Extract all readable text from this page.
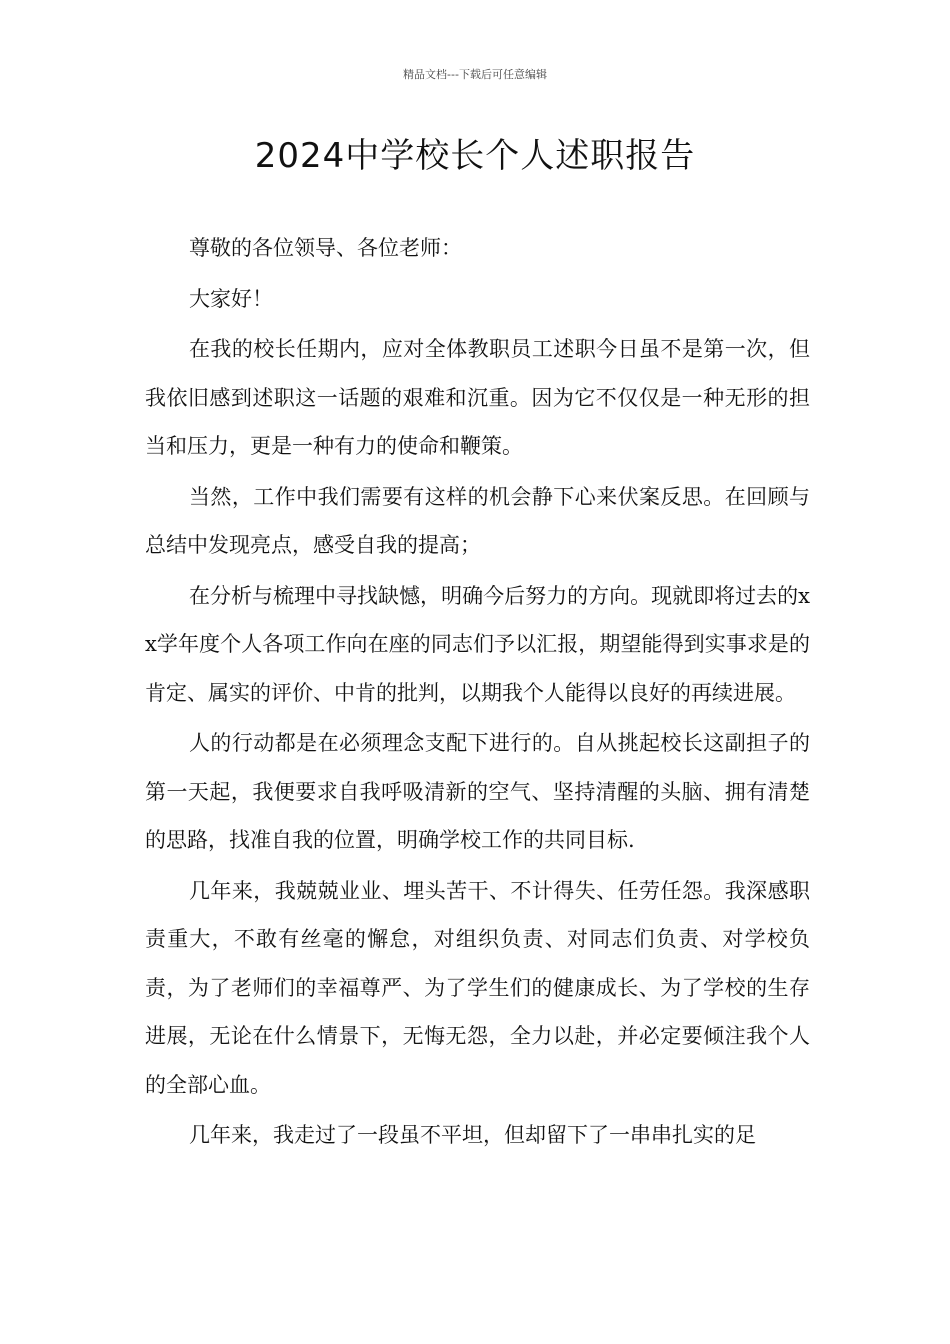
精品文档---下载后可任意编辑
2024中学校长个人述职报告

尊敬的各位领导、各位老师：

大家好！

在我的校长任期内，应对全体教职员工述职今日虽不是第一次，但我依旧感到述职这一话题的艰难和沉重。因为它不仅仅是一种无形的担当和压力，更是一种有力的使命和鞭策。

当然，工作中我们需要有这样的机会静下心来伏案反思。在回顾与总结中发现亮点，感受自我的提高；

在分析与梳理中寻找缺憾，明确今后努力的方向。现就即将过去的xx学年度个人各项工作向在座的同志们予以汇报，期望能得到实事求是的肯定、属实的评价、中肯的批判，以期我个人能得以良好的再续进展。

人的行动都是在必须理念支配下进行的。自从挑起校长这副担子的第一天起，我便要求自我呼吸清新的空气、坚持清醒的头脑、拥有清楚的思路，找准自我的位置，明确学校工作的共同目标.

几年来，我兢兢业业、埋头苦干、不计得失、任劳任怨。我深感职责重大，不敢有丝毫的懈怠，对组织负责、对同志们负责、对学校负责，为了老师们的幸福尊严、为了学生们的健康成长、为了学校的生存进展，无论在什么情景下，无悔无怨，全力以赴，并必定要倾注我个人的全部心血。

几年来，我走过了一段虽不平坦，但却留下了一串串扎实的足
